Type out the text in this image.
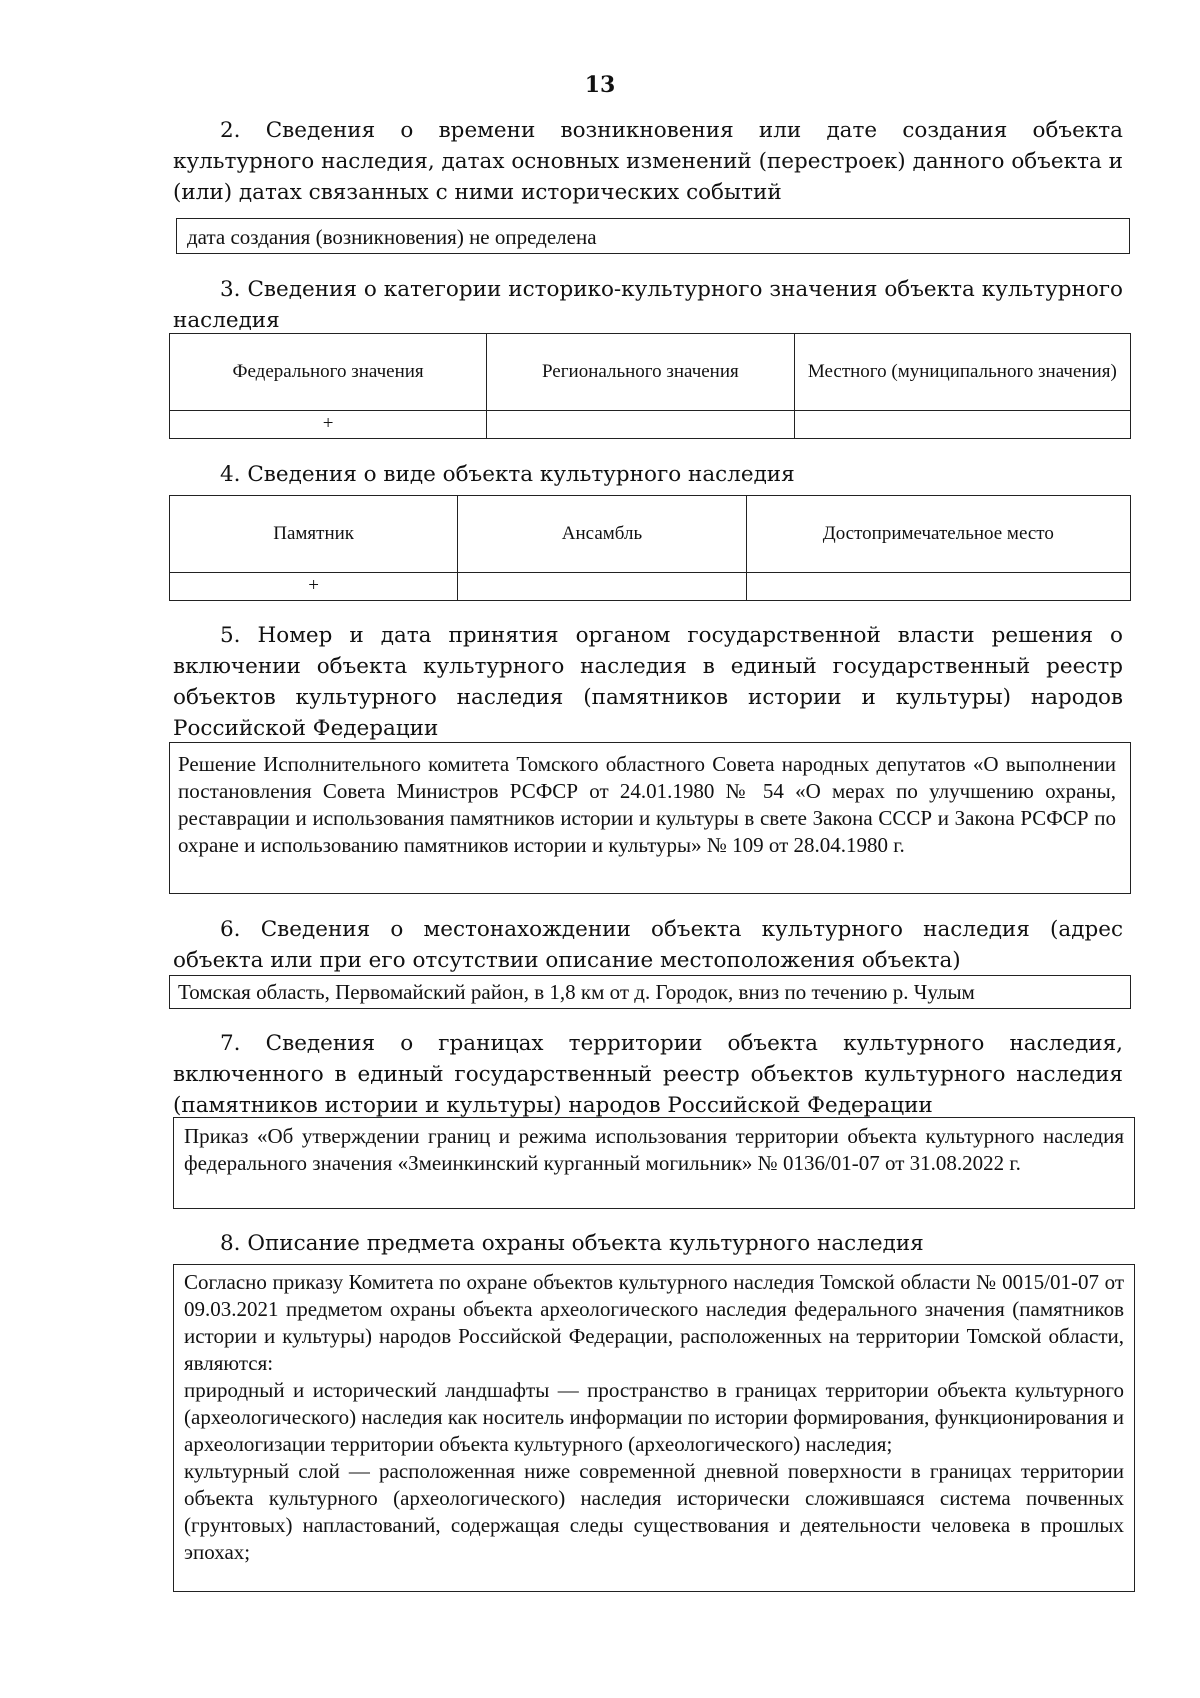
13

2. Сведения о времени возникновения или дате создания объекта культурного наследия, датах основных изменений (перестроек) данного объекта и (или) датах связанных с ними исторических событий

дата создания (возникновения) не определена

3. Сведения о категории историко-культурного значения объекта культурного наследия

Федерального значения	Регионального значения	Местного (муниципального значения)
+		

4. Сведения о виде объекта культурного наследия

Памятник	Ансамбль	Достопримечательное место
+		

5. Номер и дата принятия органом государственной власти решения о включении объекта культурного наследия в единый государственный реестр объектов культурного наследия (памятников истории и культуры) народов Российской Федерации

Решение Исполнительного комитета Томского областного Совета народных депутатов «О выполнении постановления Совета Министров РСФСР от 24.01.1980 № 54 «О мерах по улучшению охраны, реставрации и использования памятников истории и культуры в свете Закона СССР и Закона РСФСР по охране и использованию памятников истории и культуры» № 109 от 28.04.1980 г.

6. Сведения о местонахождении объекта культурного наследия (адрес объекта или при его отсутствии описание местоположения объекта)

Томская область, Первомайский район, в 1,8 км от д. Городок, вниз по течению р. Чулым

7. Сведения о границах территории объекта культурного наследия, включенного в единый государственный реестр объектов культурного наследия (памятников истории и культуры) народов Российской Федерации

Приказ «Об утверждении границ и режима использования территории объекта культурного наследия федерального значения «Змеинкинский курганный могильник» № 0136/01-07 от 31.08.2022 г.

8. Описание предмета охраны объекта культурного наследия

Согласно приказу Комитета по охране объектов культурного наследия Томской области № 0015/01-07 от 09.03.2021 предметом охраны объекта археологического наследия федерального значения (памятников истории и культуры) народов Российской Федерации, расположенных на территории Томской области, являются:

природный и исторический ландшафты — пространство в границах территории объекта культурного (археологического) наследия как носитель информации по истории формирования, функционирования и археологизации территории объекта культурного (археологического) наследия;

культурный слой — расположенная ниже современной дневной поверхности в границах территории объекта культурного (археологического) наследия исторически сложившаяся система почвенных (грунтовых) напластований, содержащая следы существования и деятельности человека в прошлых эпохах;
